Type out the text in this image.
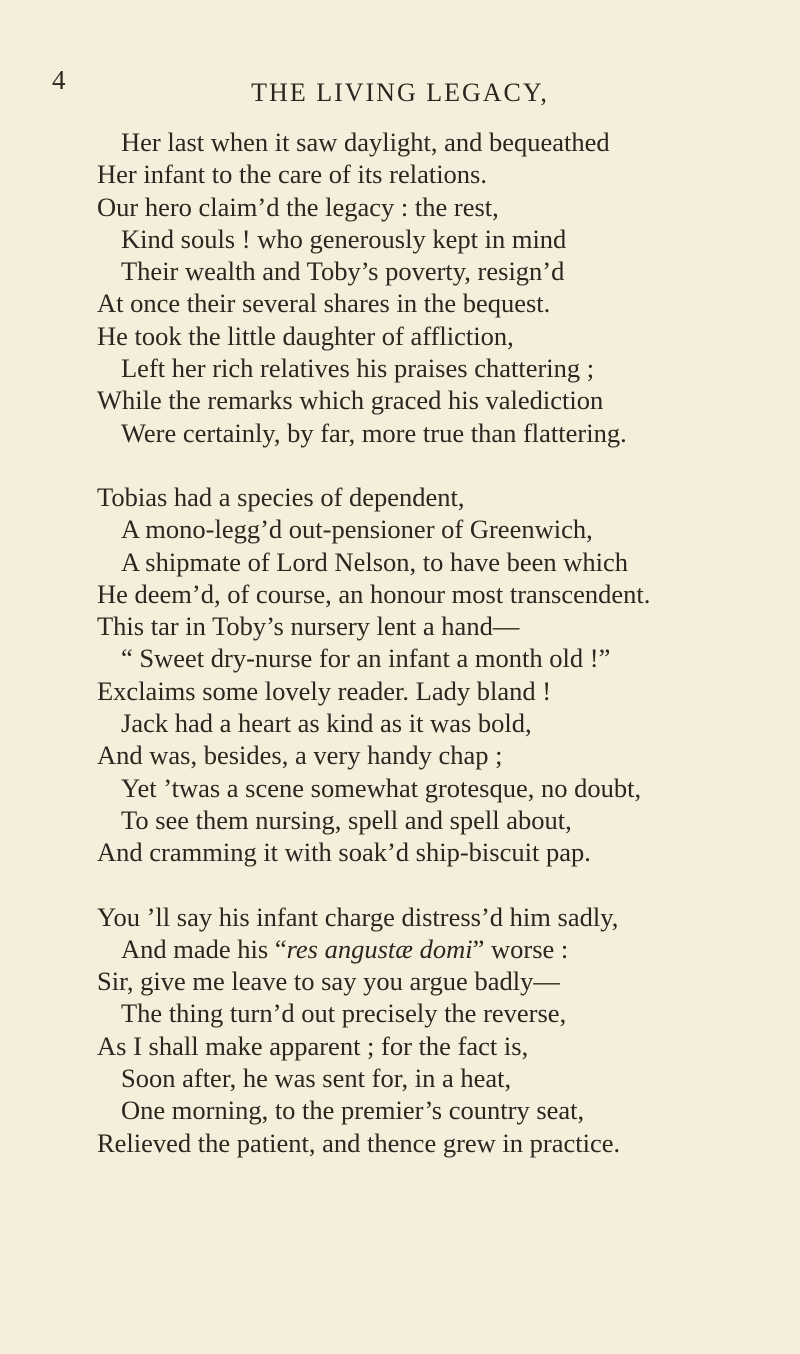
4	THE LIVING LEGACY,
Her last when it saw daylight, and bequeathed
Her infant to the care of its relations.
Our hero claim’d the legacy : the rest,
Kind souls ! who generously kept in mind
Their wealth and Toby’s poverty, resign’d
At once their several shares in the bequest.
He took the little daughter of affliction,
Left her rich relatives his praises chattering ;
While the remarks which graced his valediction
Were certainly, by far, more true than flattering.
Tobias had a species of dependent,
A mono-legg’d out-pensioner of Greenwich,
A shipmate of Lord Nelson, to have been which
He deem’d, of course, an honour most transcendent.
This tar in Toby’s nursery lent a hand—
“ Sweet dry-nurse for an infant a month old !”
Exclaims some lovely reader. Lady bland !
Jack had a heart as kind as it was bold,
And was, besides, a very handy chap ;
Yet ’twas a scene somewhat grotesque, no doubt,
To see them nursing, spell and spell about,
And cramming it with soak’d ship-biscuit pap.
You ’ll say his infant charge distress’d him sadly,
And made his “res angustæ domi” worse :
Sir, give me leave to say you argue badly—
The thing turn’d out precisely the reverse,
As I shall make apparent ; for the fact is,
Soon after, he was sent for, in a heat,
One morning, to the premier’s country seat,
Relieved the patient, and thence grew in practice.
